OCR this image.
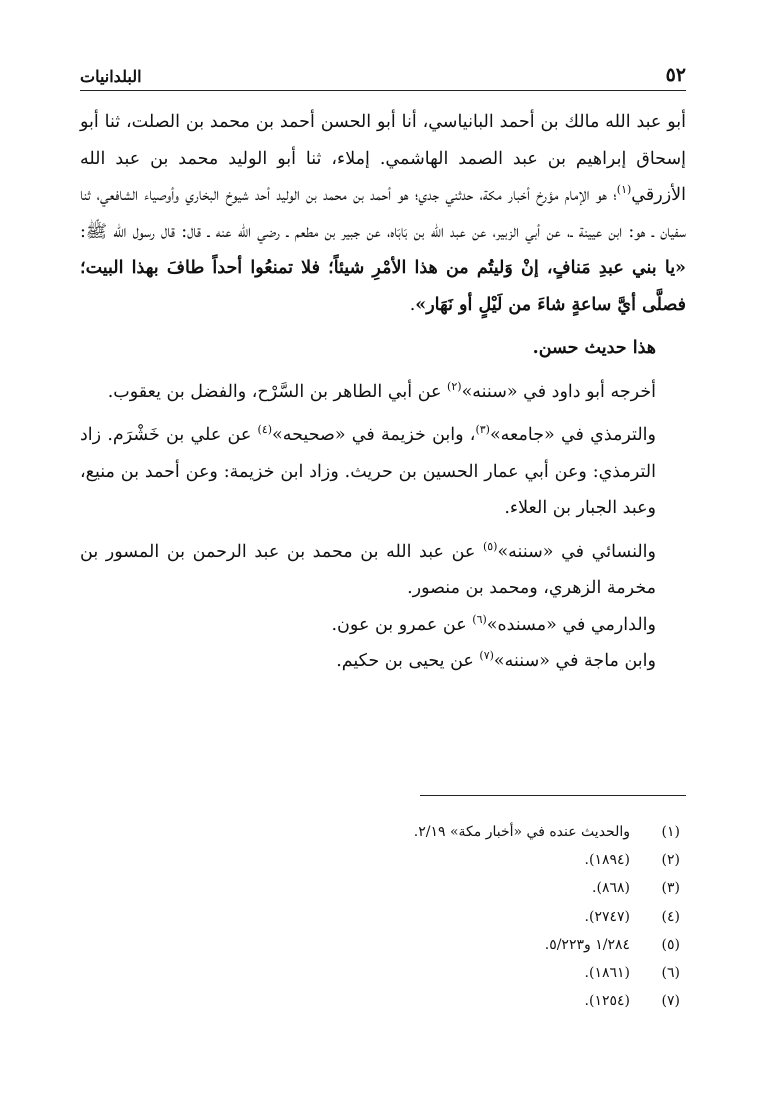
٥٢
البلدانيات

أبو عبد الله مالك بن أحمد البانياسي، أنا أبو الحسن أحمد بن محمد بن الصلت، ثنا أبو إسحاق إبراهيم بن عبد الصمد الهاشمي. إملاء، ثنا أبو الوليد محمد بن عبد الله الأزرقي$^{(١)}$؛ هو الإمام مؤرخ أخبار مكة، حدثني جدي؛ هو أحمد بن محمد بن الوليد أحد شيوخ البخاري وأوصياء الشافعي، ثنا سفيان ـ هو: ابن عيينة ـ، عن أبي الزبير، عن عبد الله بن بَابَاه، عن جبير بن مطعم ـ رضي الله عنه ـ قال: قال رسول الله ﷺ: «يا بني عبدِ مَنافٍ، إنْ وَليتُم من هذا الأمْرِ شيئاً؛ فلا تمنعُوا أحداً طافَ بهذا البيت؛ فصلَّى أيَّ ساعةٍ شاءَ من لَيْلٍ أو نَهَار».

هذا حديث حسن.

أخرجه أبو داود في «سننه»$^{(٢)}$ عن أبي الطاهر بن السَّرْح، والفضل بن يعقوب.

والترمذي في «جامعه»$^{(٣)}$، وابن خزيمة في «صحيحه»$^{(٤)}$ عن علي بن خَشْرَم. زاد الترمذي: وعن أبي عمار الحسين بن حريث. وزاد ابن خزيمة: وعن أحمد بن منيع، وعبد الجبار بن العلاء.

والنسائي في «سننه»$^{(٥)}$ عن عبد الله بن محمد بن عبد الرحمن بن المسور بن مخرمة الزهري، ومحمد بن منصور.

والدارمي في «مسنده»$^{(٦)}$ عن عمرو بن عون.

وابن ماجة في «سننه»$^{(٧)}$ عن يحيى بن حكيم.

(١)
والحديث عنده في «أخبار مكة» ٢/١٩.
(٢)
(١٨٩٤).
(٣)
(٨٦٨).
(٤)
(٢٧٤٧).
(٥)
١/٢٨٤ و٥/٢٢٣.
(٦)
(١٨٦١).
(٧)
(١٢٥٤).
